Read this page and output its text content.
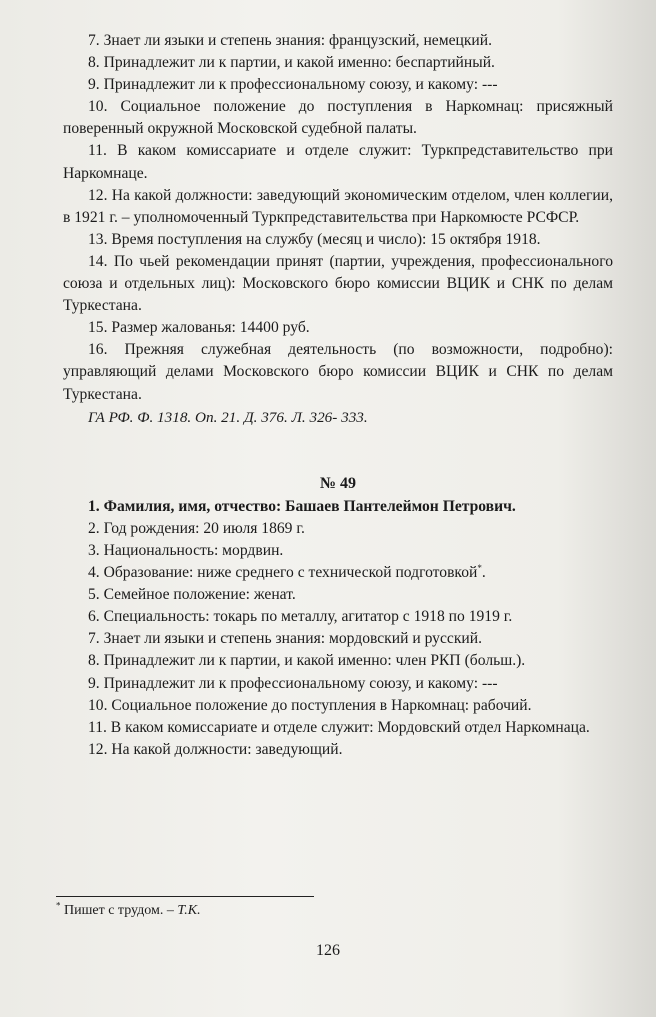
7. Знает ли языки и степень знания: французский, немецкий.

8. Принадлежит ли к партии, и какой именно: беспартийный.

9. Принадлежит ли к профессиональному союзу, и какому: ---

10. Социальное положение до поступления в Наркомнац: присяжный поверенный окружной Московской судебной палаты.

11. В каком комиссариате и отделе служит: Туркпредставительство при Наркомнаце.

12. На какой должности: заведующий экономическим отделом, член коллегии, в 1921 г. – уполномоченный Туркпредставительства при Наркомюсте РСФСР.

13. Время поступления на службу (месяц и число): 15 октября 1918.

14. По чьей рекомендации принят (партии, учреждения, профессионального союза и отдельных лиц): Московского бюро комиссии ВЦИК и СНК по делам Туркестана.

15. Размер жалованья: 14400 руб.

16. Прежняя служебная деятельность (по возможности, подробно): управляющий делами Московского бюро комиссии ВЦИК и СНК по делам Туркестана.

ГА РФ. Ф. 1318. Оп. 21. Д. 376. Л. 326- 333.

№ 49

1. Фамилия, имя, отчество: Башаев Пантелеймон Петрович.

2. Год рождения: 20 июля 1869 г.

3. Национальность: мордвин.

4. Образование: ниже среднего с технической подготовкой*.

5. Семейное положение: женат.

6. Специальность: токарь по металлу, агитатор с 1918 по 1919 г.

7. Знает ли языки и степень знания: мордовский и русский.

8. Принадлежит ли к партии, и какой именно: член РКП (больш.).

9. Принадлежит ли к профессиональному союзу, и какому: ---

10. Социальное положение до поступления в Наркомнац: рабочий.

11. В каком комиссариате и отделе служит: Мордовский отдел Наркомнаца.

12. На какой должности: заведующий.

* Пишет с трудом. – Т.К.
126
